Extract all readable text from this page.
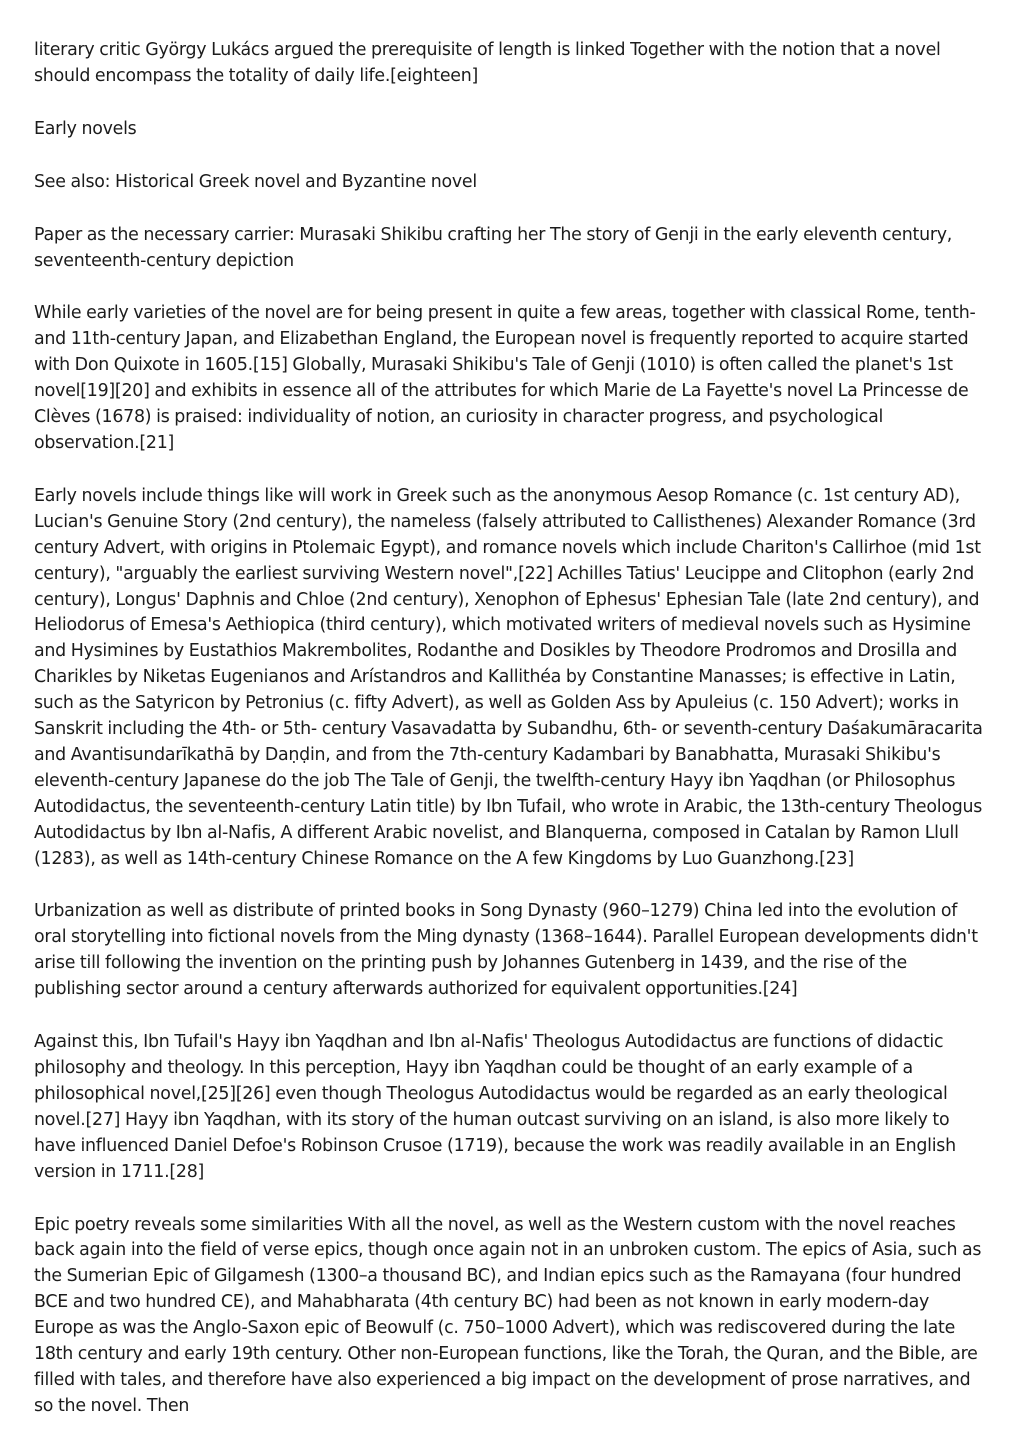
literary critic György Lukács argued the prerequisite of length is linked Together with the notion that a novel should encompass the totality of daily life.[eighteen]

Early novels

See also: Historical Greek novel and Byzantine novel

Paper as the necessary carrier: Murasaki Shikibu crafting her The story of Genji in the early eleventh century, seventeenth-century depiction

While early varieties of the novel are for being present in quite a few areas, together with classical Rome, tenth- and 11th-century Japan, and Elizabethan England, the European novel is frequently reported to acquire started with Don Quixote in 1605.[15] Globally, Murasaki Shikibu's Tale of Genji (1010) is often called the planet's 1st novel[19][20] and exhibits in essence all of the attributes for which Marie de La Fayette's novel La Princesse de Clèves (1678) is praised: individuality of notion, an curiosity in character progress, and psychological observation.[21]

Early novels include things like will work in Greek such as the anonymous Aesop Romance (c. 1st century AD), Lucian's Genuine Story (2nd century), the nameless (falsely attributed to Callisthenes) Alexander Romance (3rd century Advert, with origins in Ptolemaic Egypt), and romance novels which include Chariton's Callirhoe (mid 1st century), "arguably the earliest surviving Western novel",[22] Achilles Tatius' Leucippe and Clitophon (early 2nd century), Longus' Daphnis and Chloe (2nd century), Xenophon of Ephesus' Ephesian Tale (late 2nd century), and Heliodorus of Emesa's Aethiopica (third century), which motivated writers of medieval novels such as Hysimine and Hysimines by Eustathios Makrembolites, Rodanthe and Dosikles by Theodore Prodromos and Drosilla and Charikles by Niketas Eugenianos and Arístandros and Kallithéa by Constantine Manasses; is effective in Latin, such as the Satyricon by Petronius (c. fifty Advert), as well as Golden Ass by Apuleius (c. 150 Advert); works in Sanskrit including the 4th- or 5th- century Vasavadatta by Subandhu, 6th- or seventh-century Daśakumāracarita and Avantisundarīkathā by Daṇḍin, and from the 7th-century Kadambari by Banabhatta, Murasaki Shikibu's eleventh-century Japanese do the job The Tale of Genji, the twelfth-century Hayy ibn Yaqdhan (or Philosophus Autodidactus, the seventeenth-century Latin title) by Ibn Tufail, who wrote in Arabic, the 13th-century Theologus Autodidactus by Ibn al-Nafis, A different Arabic novelist, and Blanquerna, composed in Catalan by Ramon Llull (1283), as well as 14th-century Chinese Romance on the A few Kingdoms by Luo Guanzhong.[23]

Urbanization as well as distribute of printed books in Song Dynasty (960–1279) China led into the evolution of oral storytelling into fictional novels from the Ming dynasty (1368–1644). Parallel European developments didn't arise till following the invention on the printing push by Johannes Gutenberg in 1439, and the rise of the publishing sector around a century afterwards authorized for equivalent opportunities.[24]

Against this, Ibn Tufail's Hayy ibn Yaqdhan and Ibn al-Nafis' Theologus Autodidactus are functions of didactic philosophy and theology. In this perception, Hayy ibn Yaqdhan could be thought of an early example of a philosophical novel,[25][26] even though Theologus Autodidactus would be regarded as an early theological novel.[27] Hayy ibn Yaqdhan, with its story of the human outcast surviving on an island, is also more likely to have influenced Daniel Defoe's Robinson Crusoe (1719), because the work was readily available in an English version in 1711.[28]

Epic poetry reveals some similarities With all the novel, as well as the Western custom with the novel reaches back again into the field of verse epics, though once again not in an unbroken custom. The epics of Asia, such as the Sumerian Epic of Gilgamesh (1300–a thousand BC), and Indian epics such as the Ramayana (four hundred BCE and two hundred CE), and Mahabharata (4th century BC) had been as not known in early modern-day Europe as was the Anglo-Saxon epic of Beowulf (c. 750–1000 Advert), which was rediscovered during the late 18th century and early 19th century. Other non-European functions, like the Torah, the Quran, and the Bible, are filled with tales, and therefore have also experienced a big impact on the development of prose narratives, and so the novel. Then
